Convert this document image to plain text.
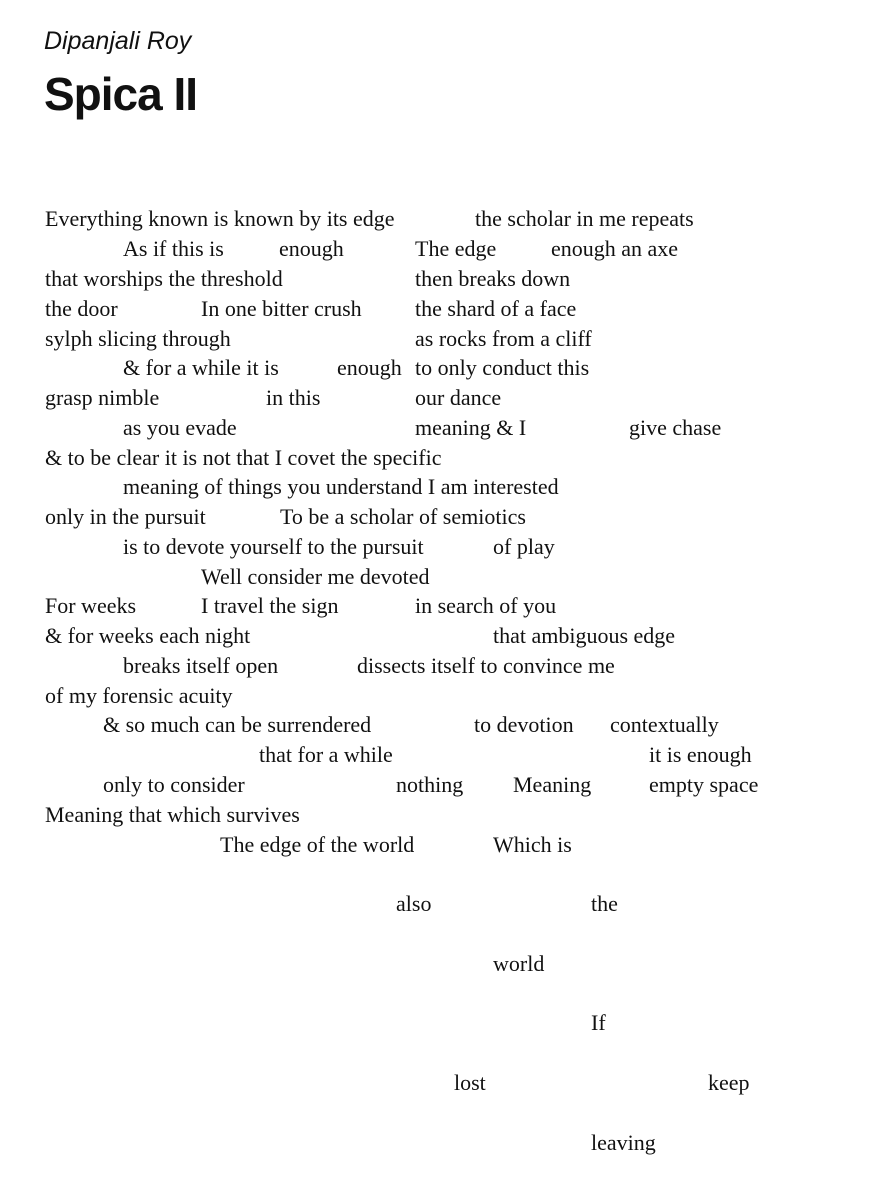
Dipanjali Roy
Spica II
Everything known is known by its edge	the scholar in me repeats
As if this is	enough	The edge enough an axe
that worships the threshold	then breaks down
the door	In one bitter crush the shard of a face
sylph slicing through	as rocks from a cliff
& for a while it is	enough to only conduct this
grasp nimble	in this	our dance
as you evade	meaning & I	give chase
& to be clear it is not that I covet the specific
meaning of things you understand I am interested
only in the pursuit	To be a scholar of semiotics
is to devote yourself to the pursuit	of play
Well consider me devoted
For weeks	I travel the sign	in search of you
& for weeks each night	that ambiguous edge
breaks itself open	dissects itself to convince me
of my forensic acuity
& so much can be surrendered	to devotion contextually
that for a while	it is enough
only to consider	nothing Meaning	empty space
Meaning that which survives
The edge of the world	Which is
also	the
world
If
lost	keep
leaving
